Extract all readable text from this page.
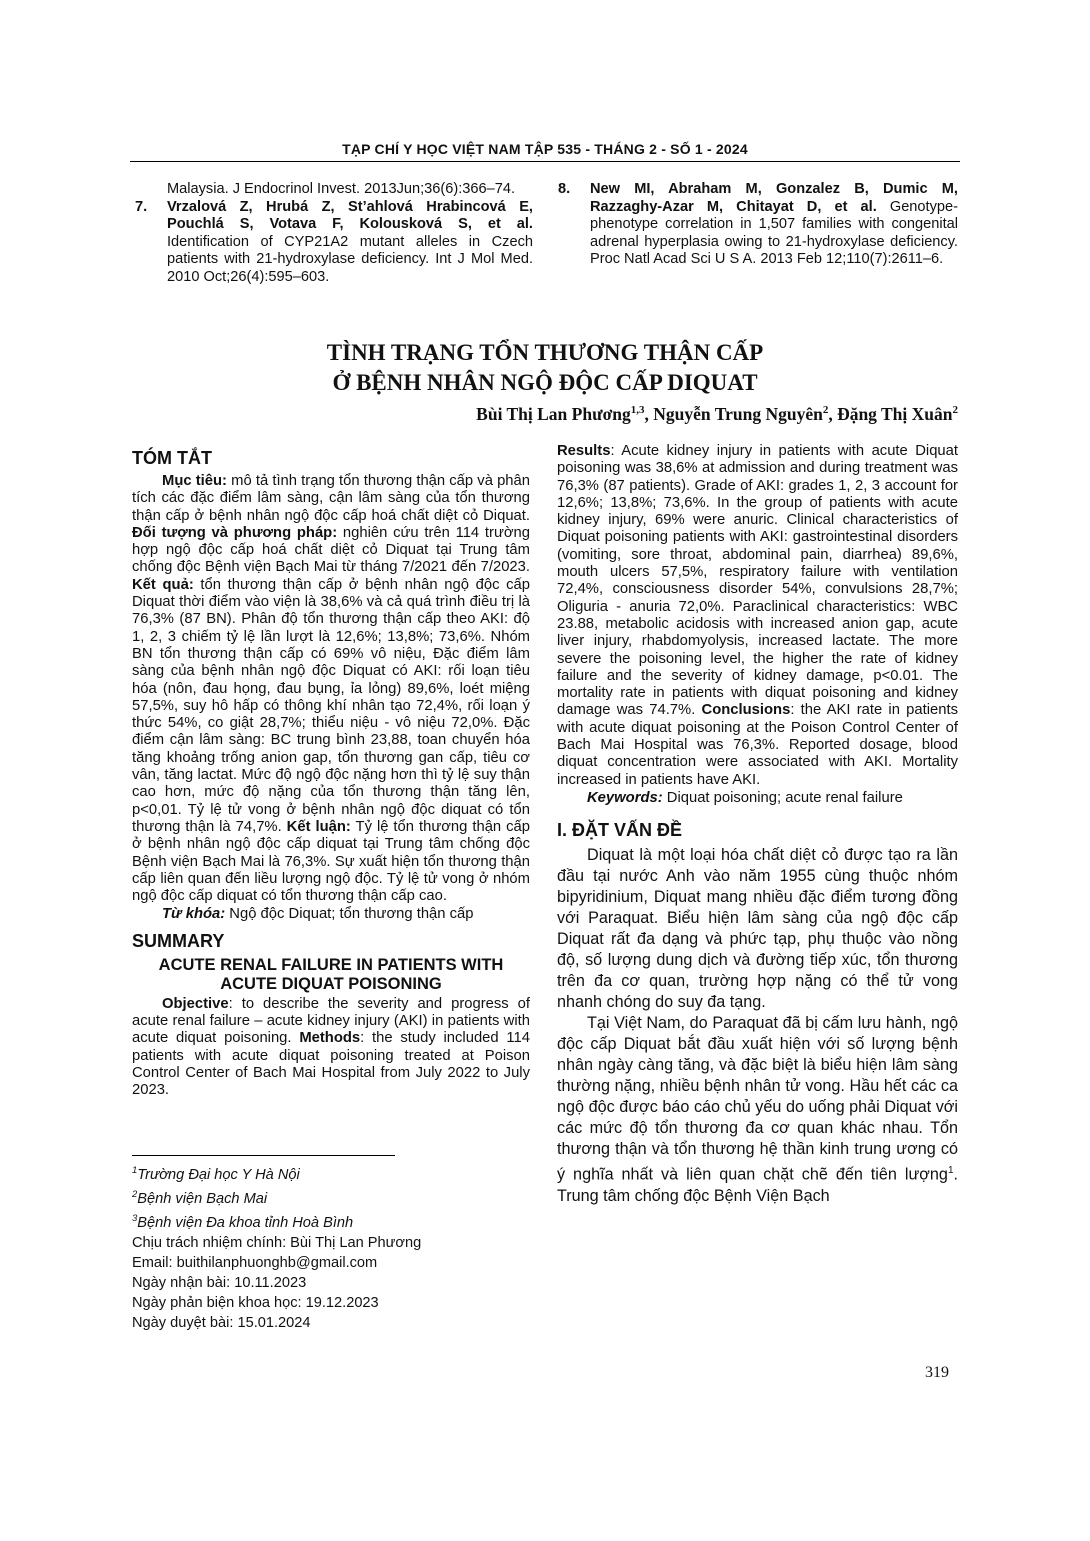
TẠP CHÍ Y HỌC VIỆT NAM TẬP 535 - THÁNG 2 - SỐ 1 - 2024
Malaysia. J Endocrinol Invest. 2013Jun;36(6):366–74.
7. Vrzalová Z, Hrubá Z, St’ahlová Hrabincová E, Pouchlá S, Votava F, Kolousková S, et al. Identification of CYP21A2 mutant alleles in Czech patients with 21-hydroxylase deficiency. Int J Mol Med. 2010 Oct;26(4):595–603.
8. New MI, Abraham M, Gonzalez B, Dumic M, Razzaghy-Azar M, Chitayat D, et al. Genotype-phenotype correlation in 1,507 families with congenital adrenal hyperplasia owing to 21-hydroxylase deficiency. Proc Natl Acad Sci U S A. 2013 Feb 12;110(7):2611–6.
TÌNH TRẠNG TỔN THƯƠNG THẬN CẤP
Ở BỆNH NHÂN NGỘ ĐỘC CẤP DIQUAT
Bùi Thị Lan Phương$^{1,3}$, Nguyễn Trung Nguyên$^2$, Đặng Thị Xuân$^2$
TÓM TẮT
Mục tiêu: mô tả tình trạng tổn thương thận cấp và phân tích các đặc điểm lâm sàng, cận lâm sàng của tổn thương thận cấp ở bệnh nhân ngộ độc cấp hoá chất diệt cỏ Diquat. Đối tượng và phương pháp: nghiên cứu trên 114 trường hợp ngộ độc cấp hoá chất diệt cỏ Diquat tại Trung tâm chống độc Bệnh viện Bạch Mai từ tháng 7/2021 đến 7/2023. Kết quả: tổn thương thận cấp ở bệnh nhân ngộ độc cấp Diquat thời điểm vào viện là 38,6% và cả quá trình điều trị là 76,3% (87 BN). Phân độ tổn thương thận cấp theo AKI: độ 1, 2, 3 chiếm tỷ lệ lần lượt là 12,6%; 13,8%; 73,6%. Nhóm BN tổn thương thận cấp có 69% vô niệu, Đặc điểm lâm sàng của bệnh nhân ngộ độc Diquat có AKI: rối loạn tiêu hóa (nôn, đau họng, đau bụng, ỉa lỏng) 89,6%, loét miệng 57,5%, suy hô hấp có thông khí nhân tạo 72,4%, rối loạn ý thức 54%, co giật 28,7%; thiểu niệu - vô niệu 72,0%. Đặc điểm cận lâm sàng: BC trung bình 23,88, toan chuyển hóa tăng khoảng trống anion gap, tổn thương gan cấp, tiêu cơ vân, tăng lactat. Mức độ ngộ độc nặng hơn thì tỷ lệ suy thận cao hơn, mức độ nặng của tổn thương thận tăng lên, p<0,01. Tỷ lệ tử vong ở bệnh nhân ngộ độc diquat có tổn thương thận là 74,7%. Kết luận: Tỷ lệ tổn thương thận cấp ở bệnh nhân ngộ độc cấp diquat tại Trung tâm chống độc Bệnh viện Bạch Mai là 76,3%. Sự xuất hiện tổn thương thận cấp liên quan đến liều lượng ngộ độc. Tỷ lệ tử vong ở nhóm ngộ độc cấp diquat có tổn thương thận cấp cao.
Từ khóa: Ngộ độc Diquat; tổn thương thận cấp
SUMMARY
ACUTE RENAL FAILURE IN PATIENTS WITH
ACUTE DIQUAT POISONING
Objective: to describe the severity and progress of acute renal failure – acute kidney injury (AKI) in patients with acute diquat poisoning. Methods: the study included 114 patients with acute diquat poisoning treated at Poison Control Center of Bach Mai Hospital from July 2022 to July 2023.
$^1$Trường Đại học Y Hà Nội
$^2$Bệnh viện Bạch Mai
$^3$Bệnh viện Đa khoa tỉnh Hoà Bình
Chịu trách nhiệm chính: Bùi Thị Lan Phương
Email: buithilanphuonghb@gmail.com
Ngày nhận bài: 10.11.2023
Ngày phản biện khoa học: 19.12.2023
Ngày duyệt bài: 15.01.2024
Results: Acute kidney injury in patients with acute Diquat poisoning was 38,6% at admission and during treatment was 76,3% (87 patients). Grade of AKI: grades 1, 2, 3 account for 12,6%; 13,8%; 73,6%. In the group of patients with acute kidney injury, 69% were anuric. Clinical characteristics of Diquat poisoning patients with AKI: gastrointestinal disorders (vomiting, sore throat, abdominal pain, diarrhea) 89,6%, mouth ulcers 57,5%, respiratory failure with ventilation 72,4%, consciousness disorder 54%, convulsions 28,7%; Oliguria - anuria 72,0%. Paraclinical characteristics: WBC 23.88, metabolic acidosis with increased anion gap, acute liver injury, rhabdomyolysis, increased lactate. The more severe the poisoning level, the higher the rate of kidney failure and the severity of kidney damage, p<0.01. The mortality rate in patients with diquat poisoning and kidney damage was 74.7%. Conclusions: the AKI rate in patients with acute diquat poisoning at the Poison Control Center of Bach Mai Hospital was 76,3%. Reported dosage, blood diquat concentration were associated with AKI. Mortality increased in patients have AKI.
Keywords: Diquat poisoning; acute renal failure
I. ĐẶT VẤN ĐỀ

Diquat là một loại hóa chất diệt cỏ được tạo ra lần đầu tại nước Anh vào năm 1955 cùng thuộc nhóm bipyridinium, Diquat mang nhiều đặc điểm tương đồng với Paraquat. Biểu hiện lâm sàng của ngộ độc cấp Diquat rất đa dạng và phức tạp, phụ thuộc vào nồng độ, số lượng dung dịch và đường tiếp xúc, tổn thương trên đa cơ quan, trường hợp nặng có thể tử vong nhanh chóng do suy đa tạng.

Tại Việt Nam, do Paraquat đã bị cấm lưu hành, ngộ độc cấp Diquat bắt đầu xuất hiện với số lượng bệnh nhân ngày càng tăng, và đặc biệt là biểu hiện lâm sàng thường nặng, nhiều bệnh nhân tử vong. Hầu hết các ca ngộ độc được báo cáo chủ yếu do uống phải Diquat với các mức độ tổn thương đa cơ quan khác nhau. Tổn thương thận và tổn thương hệ thần kinh trung ương có ý nghĩa nhất và liên quan chặt chẽ đến tiên lượng$^1$. Trung tâm chống độc Bệnh Viện Bạch

319
